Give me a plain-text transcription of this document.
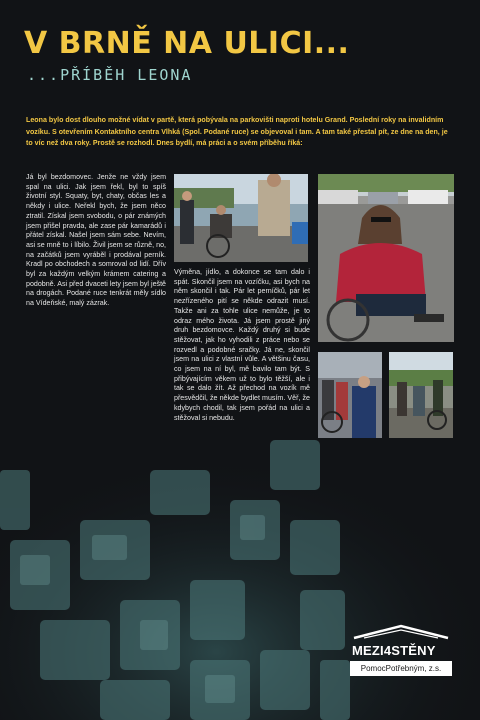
V BRNĚ NA ULICI...
...PŘÍBĚH LEONA
Leona bylo dost dlouho možné vídat v partě, která pobývala na parkovišti naproti hotelu Grand. Poslední roky na invalidním vozíku. S otevřením Kontaktního centra Vlhká (Spol. Podané ruce) se objevoval i tam. A tam také přestal pít, ze dne na den, je to víc než dva roky. Prostě se rozhodl. Dnes bydlí, má práci a o svém příběhu říká:
Já byl bezdomovec. Jenže ne vždy jsem spal na ulici. Jak jsem řekl, byl to spíš životní styl. Squaty, byt, chaty, občas les a někdy i ulice. Neřekl bych, že jsem něco ztratil. Získal jsem svobodu, o pár známých jsem přišel pravda, ale zase pár kamarádů i přátel získal. Našel jsem sám sebe. Nevím, asi se mně to i líbilo. Živil jsem se různě, no, na začátků jsem vyráběl i prodával perník. Kradl po obchodech a somroval od lidí. Dřív byl za každým velkým krámem catering a podobně. Asi před dvaceti lety jsem byl ještě na drogách. Podané ruce tenkrát měly sídlo na Vídeňské, malý zázrak.
Výměna, jídlo, a dokonce se tam dalo i spát. Skončil jsem na vozíčku, asi bych na něm skončil i tak. Pár let perníčků, pár let nezřízeného pití se někde odrazit musí. Takže ani za tohle ulice nemůže, je to odraz mého života. Já jsem prostě jiný druh bezdomovce. Každý druhý si bude stěžovat, jak ho vyhodili z práce nebo se rozvedl a podobné sračky. Já ne, skončil jsem na ulici z vlastní vůle. A většinu času, co jsem na ní byl, mě bavilo tam být. S přibývajícím věkem už to bylo těžší, ale i tak se dalo žít. Až přechod na vozík mě přesvědčil, že někde bydlet musím. Věř, že kdybych chodil, tak jsem pořád na ulici a stěžoval si nebudu.
MEZI4STĚNY
PomocPotřebným, z.s.
